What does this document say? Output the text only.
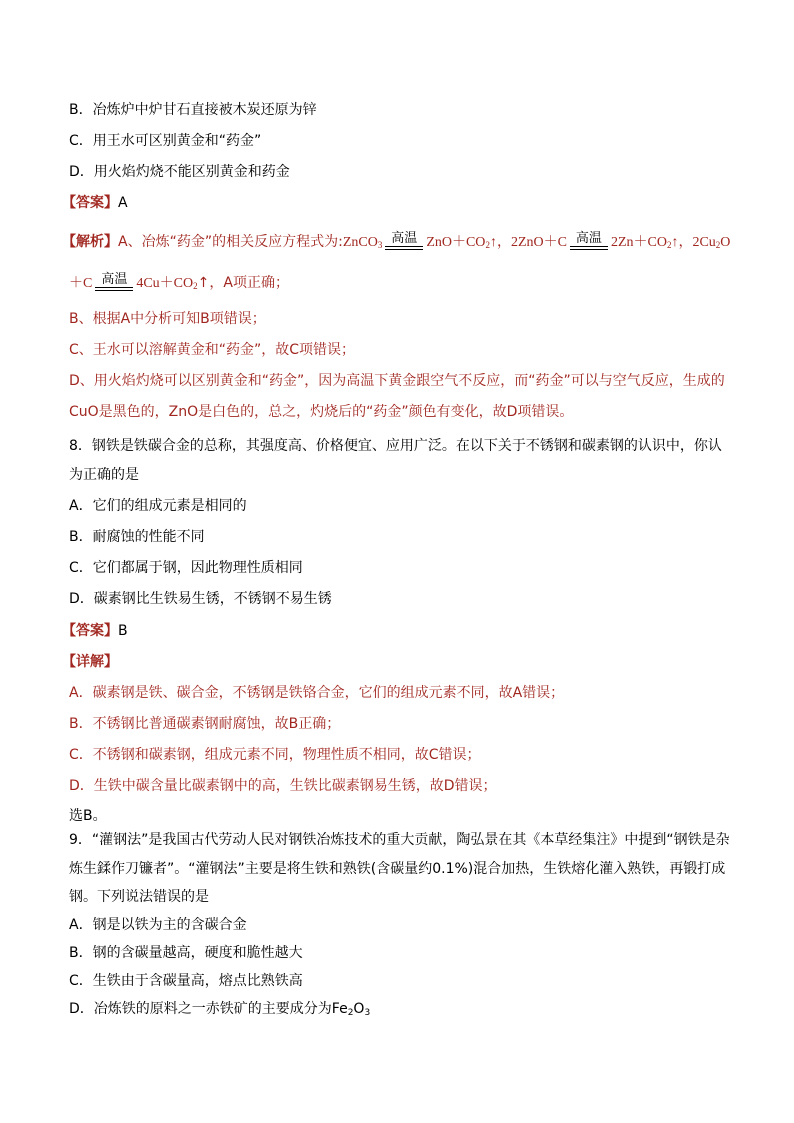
B．冶炼炉中炉甘石直接被木炭还原为锌
C．用王水可区别黄金和“药金”
D．用火焰灼烧不能区别黄金和药金
【答案】A
【解析】A、冶炼“药金”的相关反应方程式为:ZnCO$_3$ 高温 $ZnO+CO_2↑$，2ZnO＋C 高温 $2Zn+CO_2↑$，$2Cu_2O$
＋C 高温 $4Cu+CO_2↑$，A项正确；
B、根据A中分析可知B项错误；
C、王水可以溶解黄金和“药金”，故C项错误；
D、用火焰灼烧可以区别黄金和“药金”，因为高温下黄金跟空气不反应，而“药金”可以与空气反应，生成的
CuO是黑色的，ZnO是白色的，总之，灼烧后的“药金”颜色有变化，故D项错误。
8．钢铁是铁碳合金的总称，其强度高、价格便宜、应用广泛。在以下关于不锈钢和碳素钢的认识中，你认
为正确的是
A．它们的组成元素是相同的
B．耐腐蚀的性能不同
C．它们都属于钢，因此物理性质相同
D．碳素钢比生铁易生锈，不锈钢不易生锈
【答案】B
【详解】
A．碳素钢是铁、碳合金，不锈钢是铁铬合金，它们的组成元素不同，故A错误；
B．不锈钢比普通碳素钢耐腐蚀，故B正确；
C．不锈钢和碳素钢，组成元素不同，物理性质不相同，故C错误；
D．生铁中碳含量比碳素钢中的高，生铁比碳素钢易生锈，故D错误；
选B。
9．“灌钢法”是我国古代劳动人民对钢铁冶炼技术的重大贡献，陶弘景在其《本草经集注》中提到“钢铁是杂
炼生鍒作刀镰者”。“灌钢法”主要是将生铁和熟铁(含碳量约0.1%)混合加热，生铁熔化灌入熟铁，再锻打成
钢。下列说法错误的是
A．钢是以铁为主的含碳合金
B．钢的含碳量越高，硬度和脆性越大
C．生铁由于含碳量高，熔点比熟铁高
D．冶炼铁的原料之一赤铁矿的主要成分为$Fe_2O_3$
